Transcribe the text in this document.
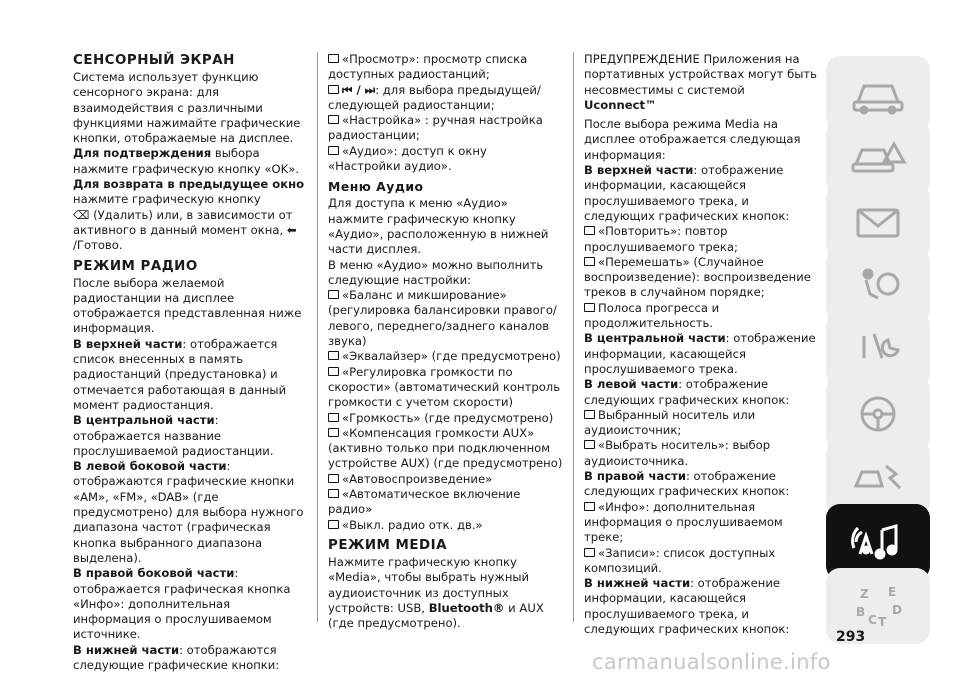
СЕНСОРНЫЙ ЭКРАН

Система использует функцию сенсорного экрана: для взаимодействия с различными функциями нажимайте графические кнопки, отображаемые на дисплее.

Для подтверждения выбора нажмите графическую кнопку «OK».

Для возврата в предыдущее окно нажмите графическую кнопку
⌫ (Удалить) или, в зависимости от активного в данный момент окна, ⬅
/Готово.

РЕЖИМ РАДИО

После выбора желаемой радиостанции на дисплее отображается представленная ниже информация.

В верхней части: отображается список внесенных в память радиостанций (предустановка) и отмечается работающая в данный момент радиостанция.

В центральной части: отображается название прослушиваемой радиостанции.

В левой боковой части: отображаются графические кнопки «AM», «FM», «DAB» (где предусмотрено) для выбора нужного диапазона частот (графическая кнопка выбранного диапазона выделена).

В правой боковой части: отображается графическая кнопка «Инфо»: дополнительная информация о прослушиваемом источнике.

В нижней части: отображаются следующие графические кнопки:

«Просмотр»: просмотр списка доступных радиостанций;

⏮ / ⏭: для выбора предыдущей/следующей радиостанции;

«Настройка» : ручная настройка радиостанции;

«Аудио»: доступ к окну «Настройки аудио».

Меню Аудио

Для доступа к меню «Аудио» нажмите графическую кнопку «Аудио», расположенную в нижней части дисплея.

В меню «Аудио» можно выполнить следующие настройки:

«Баланс и микширование» (регулировка балансировки правого/левого, переднего/заднего каналов звука)

«Эквалайзер» (где предусмотрено)

«Регулировка громкости по скорости» (автоматический контроль громкости с учетом скорости)

«Громкость» (где предусмотрено)

«Компенсация громкости AUX» (активно только при подключенном устройстве AUX) (где предусмотрено)

«Автовоспроизведение»

«Автоматическое включение радио»

«Выкл. радио отк. дв.»

РЕЖИМ MEDIA

Нажмите графическую кнопку «Media», чтобы выбрать нужный аудиоисточник из доступных устройств: USB, Bluetooth® и AUX (где предусмотрено).

ПРЕДУПРЕЖДЕНИЕ Приложения на портативных устройствах могут быть несовместимы с системой Uconnect™

После выбора режима Media на дисплее отображается следующая информация:

В верхней части: отображение информации, касающейся прослушиваемого трека, и следующих графических кнопок:

«Повторить»: повтор прослушиваемого трека;

«Перемешать» (Случайное воспроизведение): воспроизведение треков в случайном порядке;

Полоса прогресса и продолжительность.

В центральной части: отображение информации, касающейся прослушиваемого трека.

В левой части: отображение следующих графических кнопок:

Выбранный носитель или аудиоисточник;

«Выбрать носитель»: выбор аудиоисточника.

В правой части: отображение следующих графических кнопок:

«Инфо»: дополнительная информация о прослушиваемом треке;

«Записи»: список доступных композиций.

В нижней части: отображение информации, касающейся прослушиваемого трека, и следующих графических кнопок:

Z E
B D
C T
293
carmanualsonline.info
